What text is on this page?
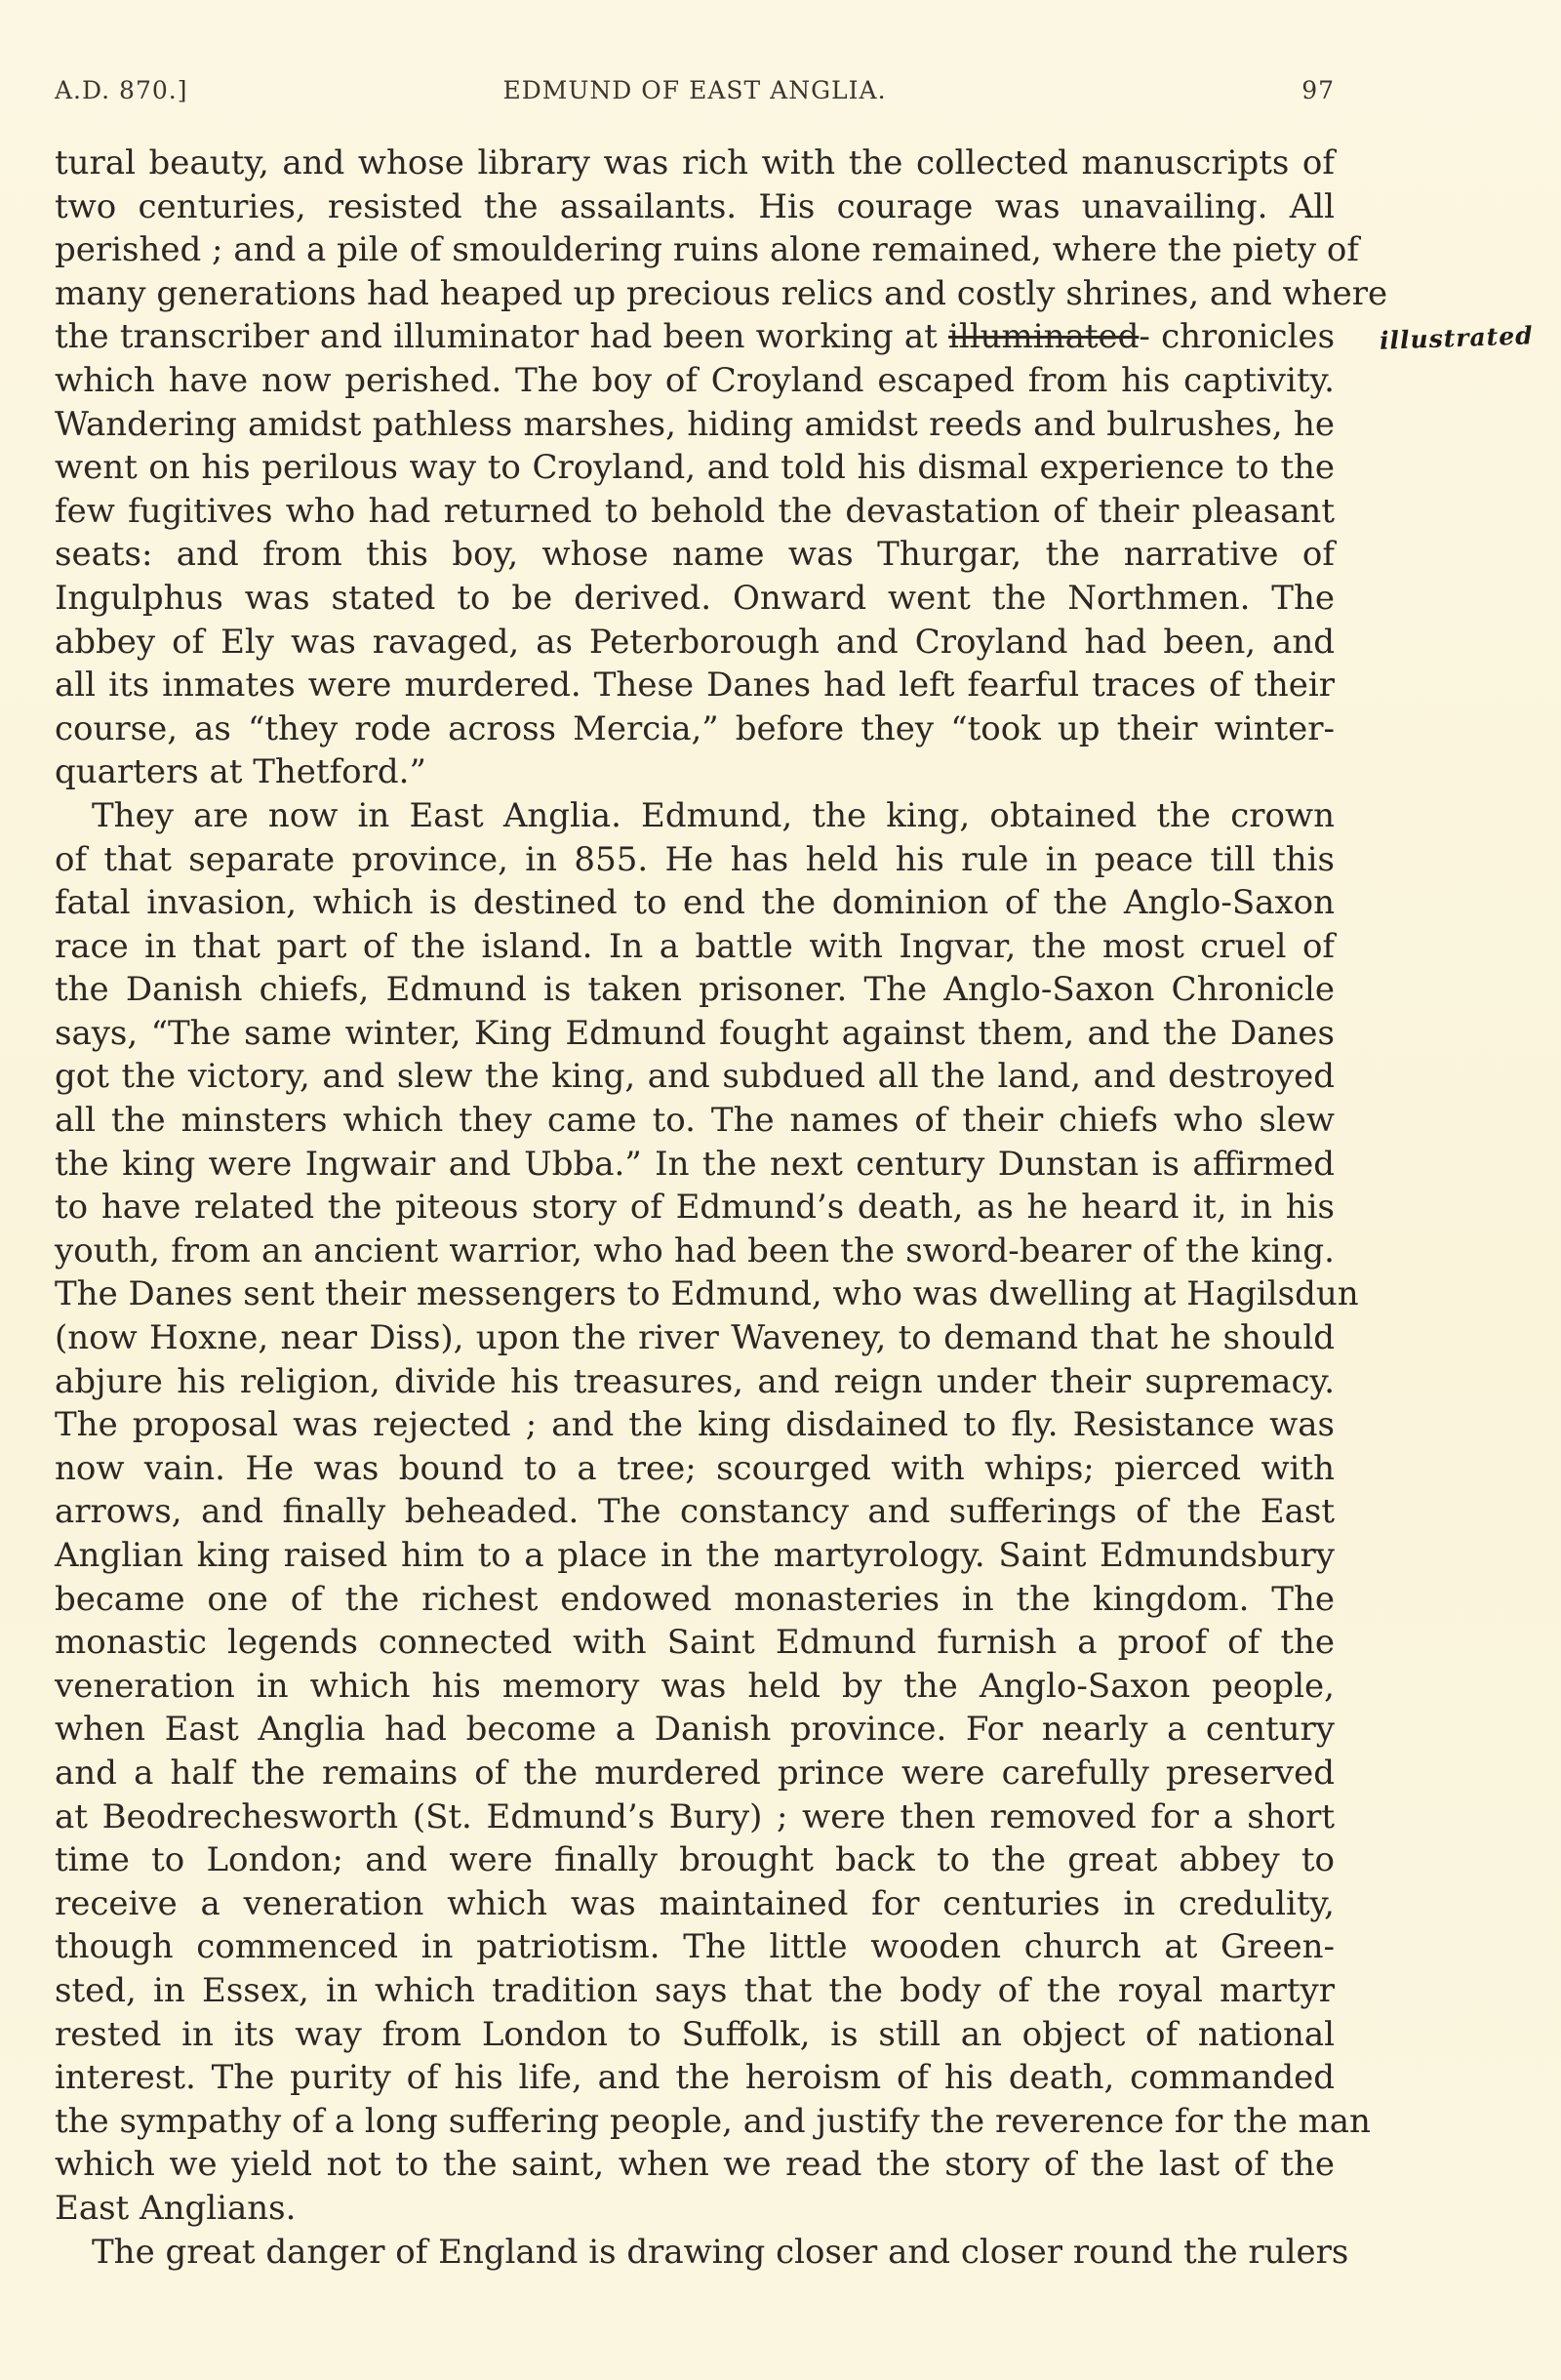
A.D. 870.]	EDMUND OF EAST ANGLIA.	97
tural beauty, and whose library was rich with the collected manuscripts of
two centuries, resisted the assailants. His courage was unavailing. All
perished ; and a pile of smouldering ruins alone remained, where the piety of
many generations had heaped up precious relics and costly shrines, and where
the transcriber and illuminator had been working at illuminated- chronicles illustrated
which have now perished. The boy of Croyland escaped from his captivity.
Wandering amidst pathless marshes, hiding amidst reeds and bulrushes, he
went on his perilous way to Croyland, and told his dismal experience to the
few fugitives who had returned to behold the devastation of their pleasant
seats: and from this boy, whose name was Thurgar, the narrative of
Ingulphus was stated to be derived. Onward went the Northmen. The
abbey of Ely was ravaged, as Peterborough and Croyland had been, and
all its inmates were murdered. These Danes had left fearful traces of their
course, as “they rode across Mercia,” before they “took up their winter-
quarters at Thetford.”
They are now in East Anglia. Edmund, the king, obtained the crown
of that separate province, in 855. He has held his rule in peace till this
fatal invasion, which is destined to end the dominion of the Anglo-Saxon
race in that part of the island. In a battle with Ingvar, the most cruel of
the Danish chiefs, Edmund is taken prisoner. The Anglo-Saxon Chronicle
says, “The same winter, King Edmund fought against them, and the Danes
got the victory, and slew the king, and subdued all the land, and destroyed
all the minsters which they came to. The names of their chiefs who slew
the king were Ingwair and Ubba.” In the next century Dunstan is affirmed
to have related the piteous story of Edmund’s death, as he heard it, in his
youth, from an ancient warrior, who had been the sword-bearer of the king.
The Danes sent their messengers to Edmund, who was dwelling at Hagilsdun
(now Hoxne, near Diss), upon the river Waveney, to demand that he should
abjure his religion, divide his treasures, and reign under their supremacy.
The proposal was rejected ; and the king disdained to fly. Resistance was
now vain. He was bound to a tree; scourged with whips; pierced with
arrows, and finally beheaded. The constancy and sufferings of the East
Anglian king raised him to a place in the martyrology. Saint Edmundsbury
became one of the richest endowed monasteries in the kingdom. The
monastic legends connected with Saint Edmund furnish a proof of the
veneration in which his memory was held by the Anglo-Saxon people,
when East Anglia had become a Danish province. For nearly a century
and a half the remains of the murdered prince were carefully preserved
at Beodrechesworth (St. Edmund’s Bury) ; were then removed for a short
time to London; and were finally brought back to the great abbey to
receive a veneration which was maintained for centuries in credulity,
though commenced in patriotism. The little wooden church at Green-
sted, in Essex, in which tradition says that the body of the royal martyr
rested in its way from London to Suffolk, is still an object of national
interest. The purity of his life, and the heroism of his death, commanded
the sympathy of a long suffering people, and justify the reverence for the man
which we yield not to the saint, when we read the story of the last of the
East Anglians.
The great danger of England is drawing closer and closer round the rulers
